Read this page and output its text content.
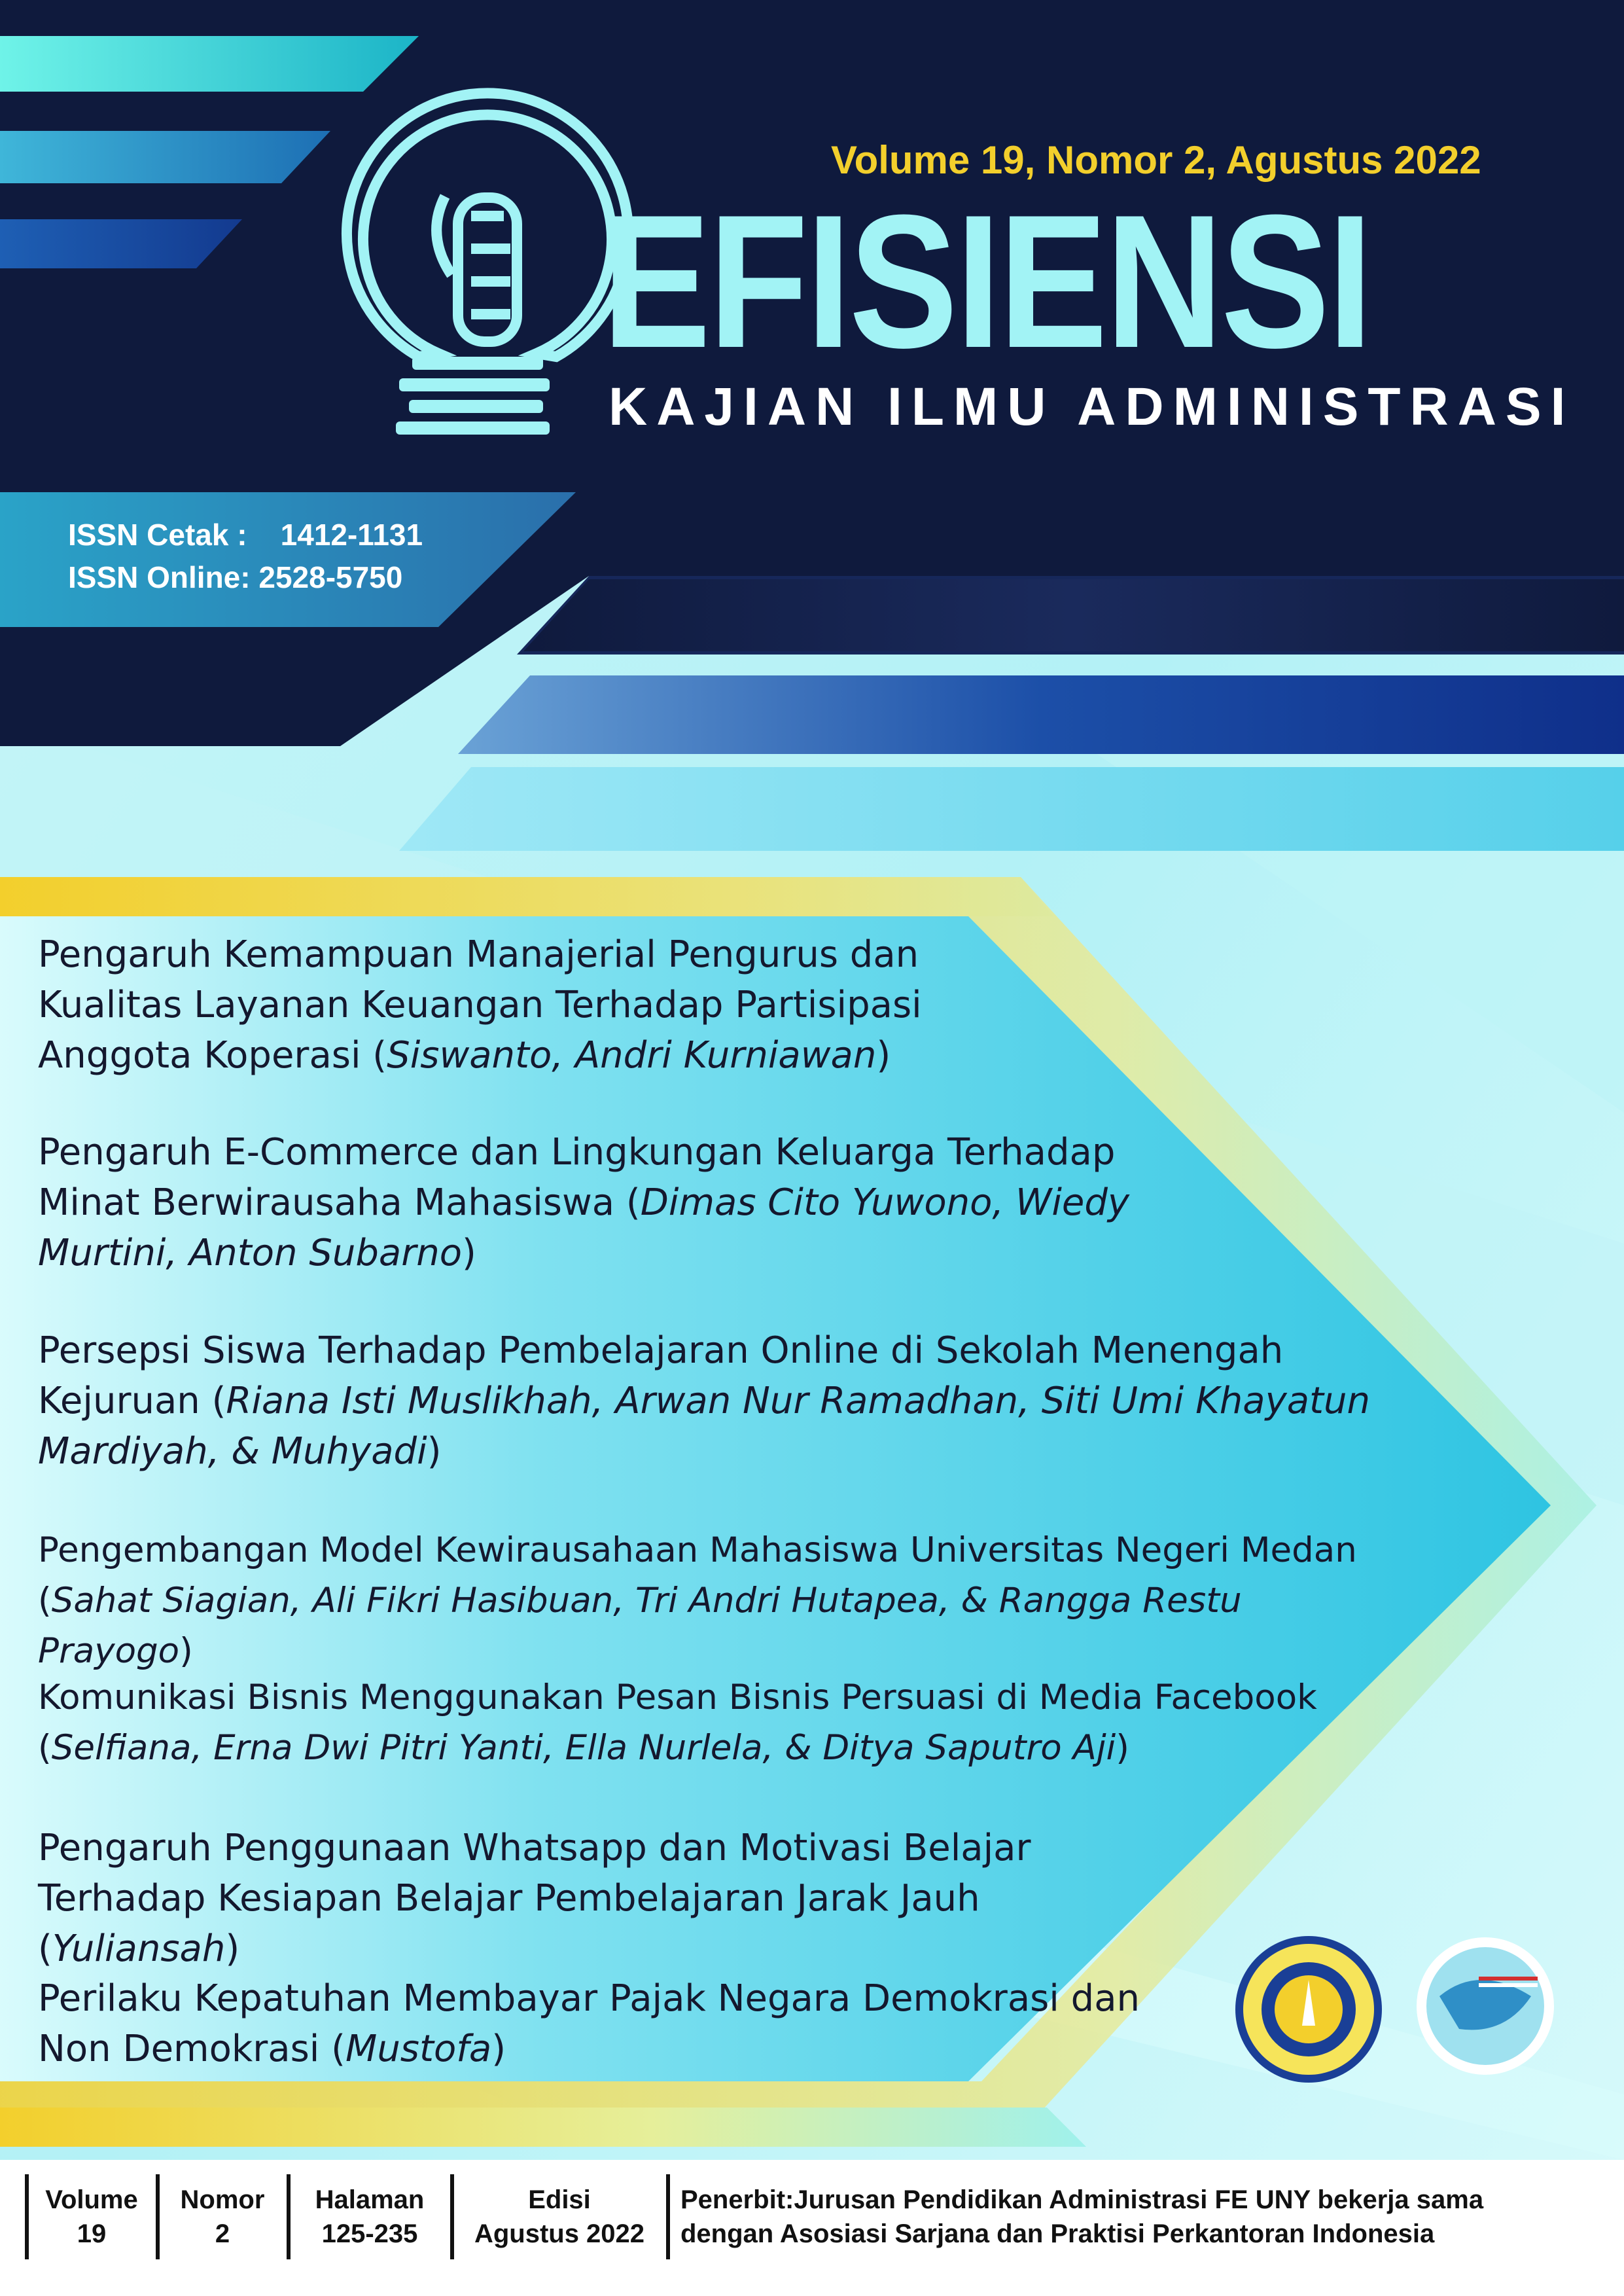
Volume 19, Nomor 2, Agustus 2022
EFISIENSI
KAJIAN ILMU ADMINISTRASI
ISSN Cetak :    1412-1131
ISSN Online: 2528-5750
Pengaruh Kemampuan Manajerial Pengurus dan Kualitas Layanan Keuangan Terhadap Partisipasi Anggota Koperasi (Siswanto, Andri Kurniawan)
Pengaruh E-Commerce dan Lingkungan Keluarga Terhadap Minat Berwirausaha Mahasiswa (Dimas Cito Yuwono, Wiedy Murtini, Anton Subarno)
Persepsi Siswa Terhadap Pembelajaran Online di Sekolah Menengah Kejuruan (Riana Isti Muslikhah, Arwan Nur Ramadhan, Siti Umi Khayatun Mardiyah, & Muhyadi)
Pengembangan Model Kewirausahaan Mahasiswa Universitas Negeri Medan (Sahat Siagian, Ali Fikri Hasibuan, Tri Andri Hutapea, & Rangga Restu Prayogo)
Komunikasi Bisnis Menggunakan Pesan Bisnis Persuasi di Media Facebook (Selfiana, Erna Dwi Pitri Yanti, Ella Nurlela, & Ditya Saputro Aji)
Pengaruh Penggunaan Whatsapp dan Motivasi Belajar Terhadap Kesiapan Belajar Pembelajaran Jarak Jauh (Yuliansah)
Perilaku Kepatuhan Membayar Pajak Negara Demokrasi dan Non Demokrasi (Mustofa)
Volume
19
Nomor
2
Halaman
125-235
Edisi
Agustus 2022
Penerbit:Jurusan Pendidikan Administrasi FE UNY bekerja sama
dengan Asosiasi Sarjana dan Praktisi Perkantoran Indonesia
